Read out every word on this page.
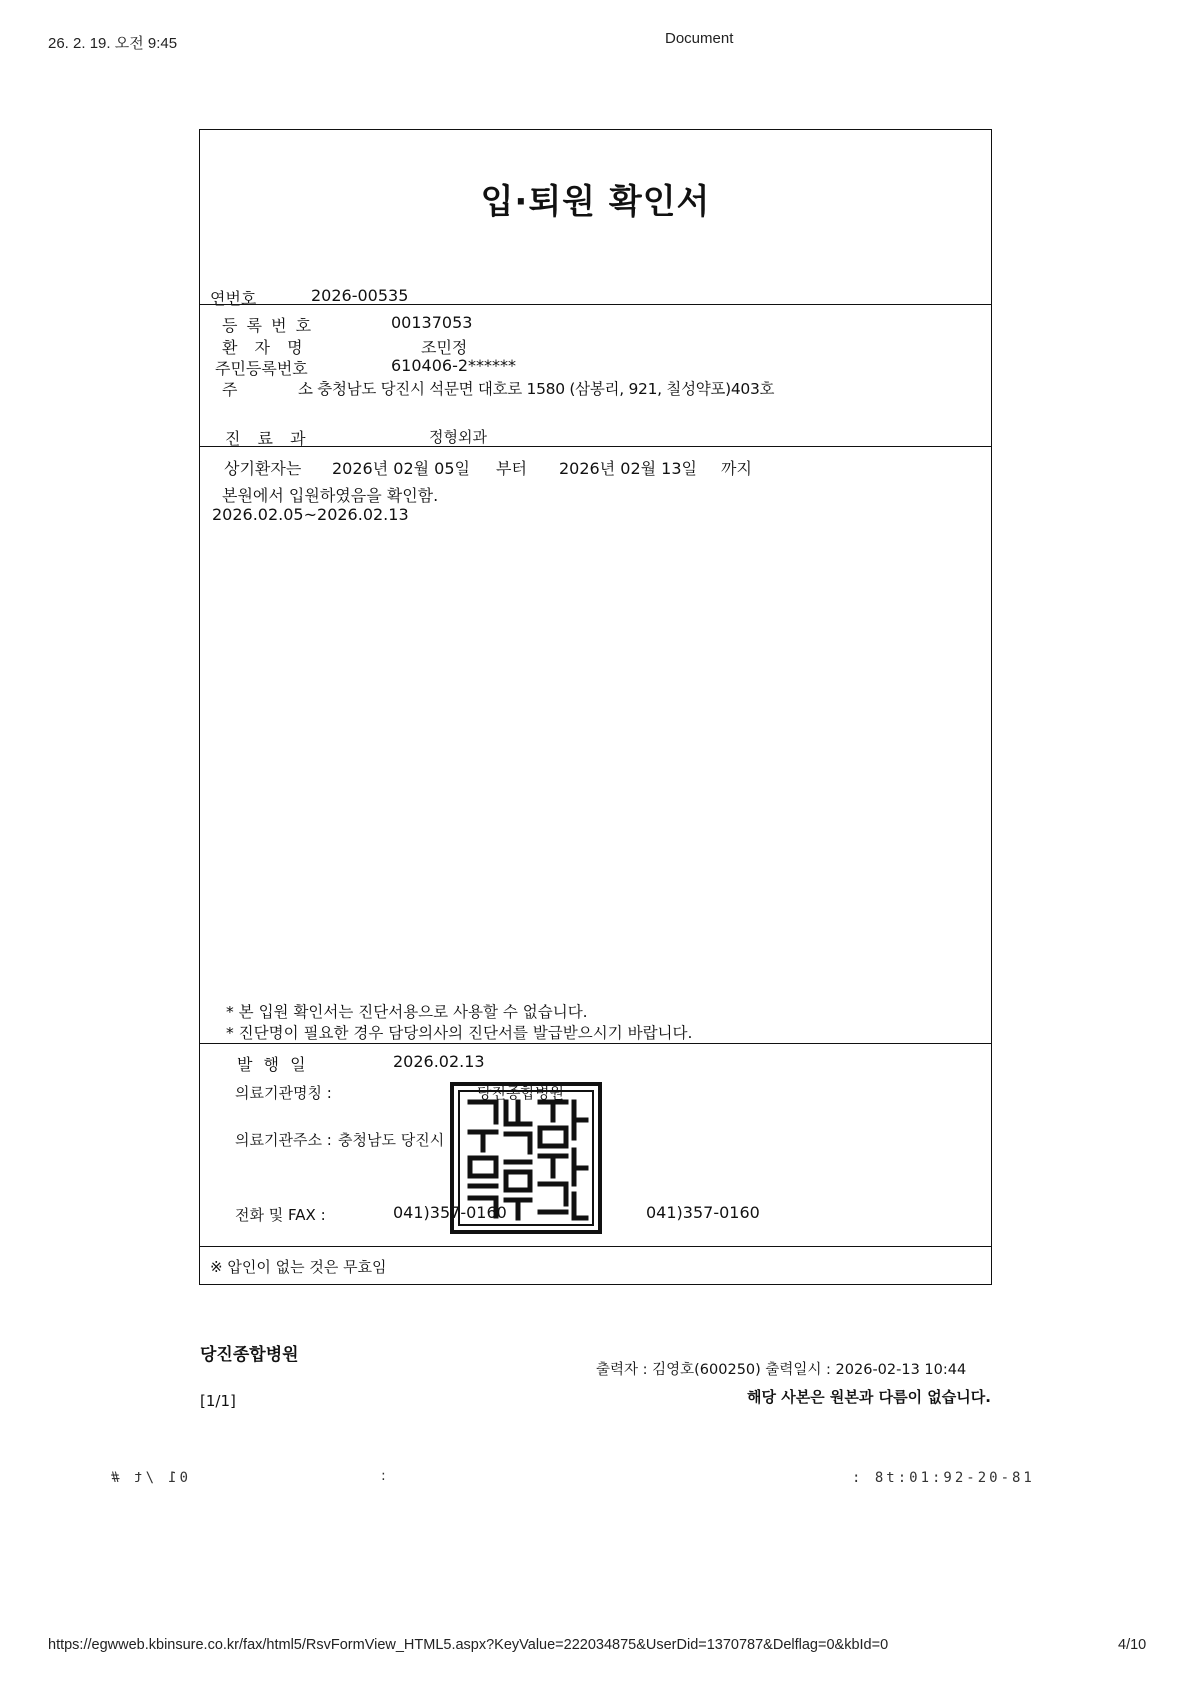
26. 2. 19. 오전 9:45	Document
입·퇴원 확인서
연번호	2026-00535
등 록 번 호	00137053
환 자 명	조민정
주민등록번호	610406-2******
주	소 충청남도 당진시 석문면 대호로 1580 (삼봉리, 921, 칠성약포)403호
진 료 과	정형외과
상기환자는 2026년 02월 05일 부터 2026년 02월 13일 까지
본원에서 입원하였음을 확인함.
2026.02.05~2026.02.13
* 본 입원 확인서는 진단서용으로 사용할 수 없습니다.
* 진단명이 필요한 경우 담당의사의 진단서를 발급받으시기 바랍니다.
발 행 일	2026.02.13
의료기관명칭 :	당진종합병원
의료기관주소 : 충청남도 당진시
전화 및 FAX :	041)357-0160	041)357-0160
※ 압인이 없는 것은 무효임
당진종합병원
출력자 : 김영호(600250) 출력일시 : 2026-02-13 10:44
해당 사본은 원본과 다름이 없습니다.
[1/1]
01 /t #	:	: 8t:01:92-20-81
https://egwweb.kbinsure.co.kr/fax/html5/RsvFormView_HTML5.aspx?KeyValue=222034875&UserDid=1370787&Delflag=0&kbId=0	4/10
